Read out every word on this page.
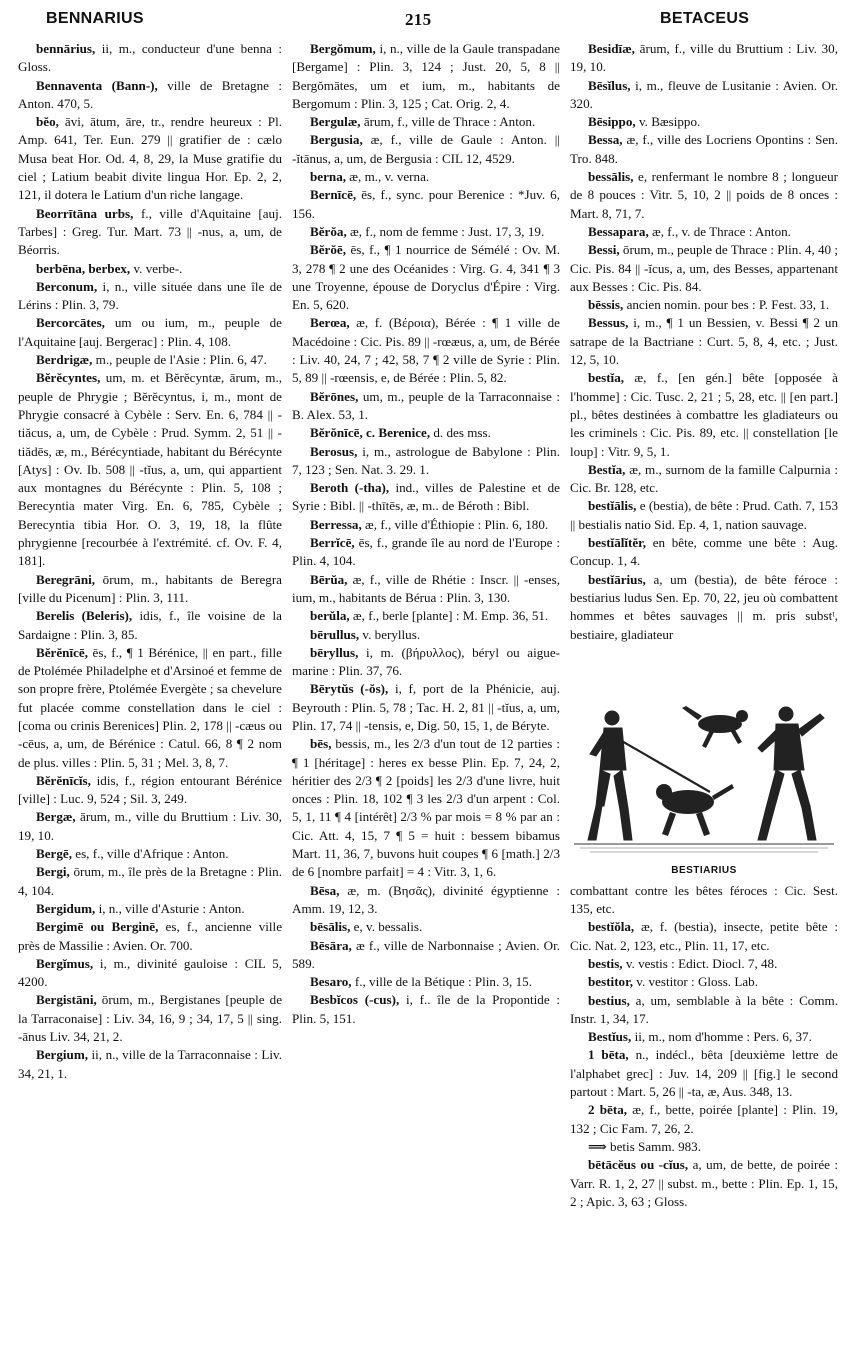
BENNARIUS	215	BETACEUS

bennārius, ii, m., conducteur d'une benna : Gloss.

Bennaventa (Bann-), ville de Bretagne : Anton. 470, 5.

bĕo, āvi, ātum, āre, tr., rendre heureux : Pl. Amp. 641, Ter. Eun. 279 || gratifier de : cælo Musa beat Hor. Od. 4, 8, 29, la Muse gratifie du ciel ; Latium beabit divite lingua Hor. Ep. 2, 2, 121, il dotera le Latium d'un riche langage.

Beorrītāna urbs, f., ville d'Aquitaine [auj. Tarbes] : Greg. Tur. Mart. 73 || -nus, a, um, de Béorris.

berbēna, berbex, v. verbe-.

Berconum, i, n., ville située dans une île de Lérins : Plin. 3, 79.

Bercorcātes, um ou ium, m., peuple de l'Aquitaine [auj. Bergerac] : Plin. 4, 108.

Berdrigæ, m., peuple de l'Asie : Plin. 6, 47.

Bĕrĕcyntes, um, m. et Bĕrĕcyntæ, ārum, m., peuple de Phrygie ; Bĕrĕcyntus, i, m., mont de Phrygie consacré à Cybèle : Serv. En. 6, 784 || -tiăcus, a, um, de Cybèle : Prud. Symm. 2, 51 || -tiădēs, æ, m., Bérécyntiade, habitant du Bérécynte [Atys] : Ov. Ib. 508 || -tĭus, a, um, qui appartient aux montagnes du Bérécynte : Plin. 5, 108 ; Berecyntia mater Virg. En. 6, 785, Cybèle ; Berecyntia tibia Hor. O. 3, 19, 18, la flûte phrygienne [recourbée à l'extrémité. cf. Ov. F. 4, 181].

Beregrāni, ōrum, m., habitants de Beregra [ville du Picenum] : Plin. 3, 111.

Berelis (Beleris), idis, f., île voisine de la Sardaigne : Plin. 3, 85.

Bĕrĕnīcē, ēs, f., ¶ 1 Bérénice, || en part., fille de Ptolémée Philadelphe et d'Arsinoé et femme de son propre frère, Ptolémée Evergète ; sa chevelure fut placée comme constellation dans le ciel : [coma ou crinis Berenices] Plin. 2, 178 || -cæus ou -cēus, a, um, de Bérénice : Catul. 66, 8 ¶ 2 nom de plus. villes : Plin. 5, 31 ; Mel. 3, 8, 7.

Bĕrĕnīcĭs, idis, f., région entourant Bérénice [ville] : Luc. 9, 524 ; Sil. 3, 249.

Bergæ, ārum, m., ville du Bruttium : Liv. 30, 19, 10.

Bergē, es, f., ville d'Afrique : Anton.

Bergi, ōrum, m., île près de la Bretagne : Plin. 4, 104.

Bergidum, i, n., ville d'Asturie : Anton.

Bergimē ou Berginē, es, f., ancienne ville près de Massilie : Avien. Or. 700.

Bergĭmus, i, m., divinité gauloise : CIL 5, 4200.

Bergistāni, ōrum, m., Bergistanes [peuple de la Tarraconaise] : Liv. 34, 16, 9 ; 34, 17, 5 || sing. -ānus Liv. 34, 21, 2.

Bergium, ii, n., ville de la Tarraconnaise : Liv. 34, 21, 1.

Bergŏmum, i, n., ville de la Gaule transpadane [Bergame] : Plin. 3, 124 ; Just. 20, 5, 8 || Bergŏmātes, um et ium, m., habitants de Bergomum : Plin. 3, 125 ; Cat. Orig. 2, 4.

Bergulæ, ārum, f., ville de Thrace : Anton.

Bergusia, æ, f., ville de Gaule : Anton. || -ĭtānus, a, um, de Bergusia : CIL 12, 4529.

berna, æ, m., v. verna.

Bernīcē, ēs, f., sync. pour Berenice : *Juv. 6, 156.

Bĕrŏa, æ, f., nom de femme : Just. 17, 3, 19.

Bĕrŏē, ēs, f., ¶ 1 nourrice de Sémélé : Ov. M. 3, 278 ¶ 2 une des Océanides : Virg. G. 4, 341 ¶ 3 une Troyenne, épouse de Doryclus d'Épire : Virg. En. 5, 620.

Berœa, æ, f. (Βέροια), Bérée : ¶ 1 ville de Macédoine : Cic. Pis. 89 || -rœæus, a, um, de Bérée : Liv. 40, 24, 7 ; 42, 58, 7 ¶ 2 ville de Syrie : Plin. 5, 89 || -rœensis, e, de Bérée : Plin. 5, 82.

Bĕrōnes, um, m., peuple de la Tarraconnaise : B. Alex. 53, 1.

Bĕrŏnīcē, c. Berenice, d. des mss.

Berosus, i, m., astrologue de Babylone : Plin. 7, 123 ; Sen. Nat. 3. 29. 1.

Beroth (-tha), ind., villes de Palestine et de Syrie : Bibl. || -thītēs, æ, m.. de Béroth : Bibl.

Berressa, æ, f., ville d'Éthiopie : Plin. 6, 180.

Berrĭcē, ēs, f., grande île au nord de l'Europe : Plin. 4, 104.

Bērŭa, æ, f., ville de Rhétie : Inscr. || -enses, ium, m., habitants de Bérua : Plin. 3, 130.

berŭla, æ, f., berle [plante] : M. Emp. 36, 51.

bērullus, v. beryllus.

bēryllus, i, m. (βήρυλλος), béryl ou aigue-marine : Plin. 37, 76.

Bērytŭs (-ŏs), i, f, port de la Phénicie, auj. Beyrouth : Plin. 5, 78 ; Tac. H. 2, 81 || -tĭus, a, um, Plin. 17, 74 || -tensis, e, Dig. 50, 15, 1, de Béryte.

bēs, bessis, m., les 2/3 d'un tout de 12 parties : ¶ 1 [héritage] : heres ex besse Plin. Ep. 7, 24, 2, héritier des 2/3 ¶ 2 [poids] les 2/3 d'une livre, huit onces : Plin. 18, 102 ¶ 3 les 2/3 d'un arpent : Col. 5, 1, 11 ¶ 4 [intérêt] 2/3 % par mois = 8 % par an : Cic. Att. 4, 15, 7 ¶ 5 = huit : bessem bibamus Mart. 11, 36, 7, buvons huit coupes ¶ 6 [math.] 2/3 de 6 [nombre parfait] = 4 : Vitr. 3, 1, 6.

Bēsa, æ, m. (Βησᾶς), divinité égyptienne : Amm. 19, 12, 3.

bēsālis, e, v. bessalis.

Bēsāra, æ f., ville de Narbonnaise ; Avien. Or. 589.

Besaro, f., ville de la Bétique : Plin. 3, 15.

Besbĭcos (-cus), i, f.. île de la Propontide : Plin. 5, 151.

Besidīæ, ārum, f., ville du Bruttium : Liv. 30, 19, 10.

Bēsĭlus, i, m., fleuve de Lusitanie : Avien. Or. 320.

Bēsippo, v. Bæsippo.

Bessa, æ, f., ville des Locriens Opontins : Sen. Tro. 848.

bessālis, e, renfermant le nombre 8 ; longueur de 8 pouces : Vitr. 5, 10, 2 || poids de 8 onces : Mart. 8, 71, 7.

Bessapara, æ, f., v. de Thrace : Anton.

Bessi, ōrum, m., peuple de Thrace : Plin. 4, 40 ; Cic. Pis. 84 || -ĭcus, a, um, des Besses, appartenant aux Besses : Cic. Pis. 84.

bēssis, ancien nomin. pour bes : P. Fest. 33, 1.

Bessus, i, m., ¶ 1 un Bessien, v. Bessi ¶ 2 un satrape de la Bactriane : Curt. 5, 8, 4, etc. ; Just. 12, 5, 10.

bestĭa, æ, f., [en gén.] bête [opposée à l'homme] : Cic. Tusc. 2, 21 ; 5, 28, etc. || [en part.] pl., bêtes destinées à combattre les gladiateurs ou les criminels : Cic. Pis. 89, etc. || constellation [le loup] : Vitr. 9, 5, 1.

Bestĭa, æ, m., surnom de la famille Calpurnia : Cic. Br. 128, etc.

bestĭālis, e (bestia), de bête : Prud. Cath. 7, 153 || bestialis natio Sid. Ep. 4, 1, nation sauvage.

bestĭālĭtĕr, en bête, comme une bête : Aug. Concup. 1, 4.

bestĭārius, a, um (bestia), de bête féroce : bestiarius ludus Sen. Ep. 70, 22, jeu où combattent hommes et bêtes sauvages || m. pris substᵗ, bestiaire, gladiateur

BESTIARIUS

combattant contre les bêtes féroces : Cic. Sest. 135, etc.

bestĭŏla, æ, f. (bestia), insecte, petite bête : Cic. Nat. 2, 123, etc., Plin. 11, 17, etc.

bestis, v. vestis : Edict. Diocl. 7, 48.

bestitor, v. vestitor : Gloss. Lab.

bestius, a, um, semblable à la bête : Comm. Instr. 1, 34, 17.

Bestĭus, ii, m., nom d'homme : Pers. 6, 37.

1 bēta, n., indécl., bêta [deuxième lettre de l'alphabet grec] : Juv. 14, 209 || [fig.] le second partout : Mart. 5, 26 || -ta, æ, Aus. 348, 13.

2 bēta, æ, f., bette, poirée [plante] : Plin. 19, 132 ; Cic Fam. 7, 26, 2.

⟹ betis Samm. 983.

bētācĕus ou -cĭus, a, um, de bette, de poirée : Varr. R. 1, 2, 27 || subst. m., bette : Plin. Ep. 1, 15, 2 ; Apic. 3, 63 ; Gloss.
